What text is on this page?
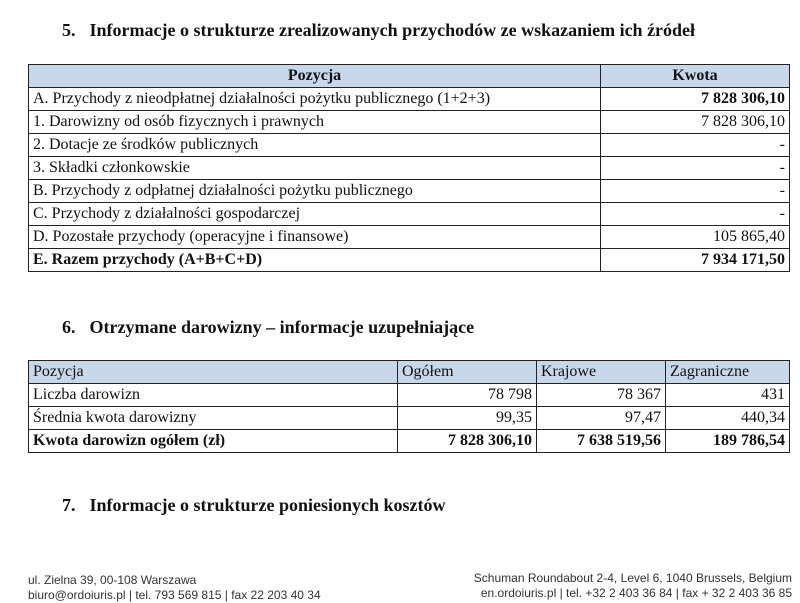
5. Informacje o strukturze zrealizowanych przychodów ze wskazaniem ich źródeł
Pozycja	Kwota
A. Przychody z nieodpłatnej działalności pożytku publicznego (1+2+3)	7 828 306,10
1. Darowizny od osób fizycznych i prawnych	7 828 306,10
2. Dotacje ze środków publicznych	-
3. Składki członkowskie	-
B. Przychody z odpłatnej działalności pożytku publicznego	-
C. Przychody z działalności gospodarczej	-
D. Pozostałe przychody (operacyjne i finansowe)	105 865,40
E. Razem przychody (A+B+C+D)	7 934 171,50
6. Otrzymane darowizny – informacje uzupełniające
Pozycja	Ogółem	Krajowe	Zagraniczne
Liczba darowizn	78 798	78 367	431
Średnia kwota darowizny	99,35	97,47	440,34
Kwota darowizn ogółem (zł)	7 828 306,10	7 638 519,56	189 786,54
7. Informacje o strukturze poniesionych kosztów
ul. Zielna 39, 00-108 Warszawa
biuro@ordoiuris.pl | tel. 793 569 815 | fax 22 203 40 34
Schuman Roundabout 2-4, Level 6, 1040 Brussels, Belgium
en.ordoiuris.pl | tel. +32 2 403 36 84 | fax + 32 2 403 36 85
